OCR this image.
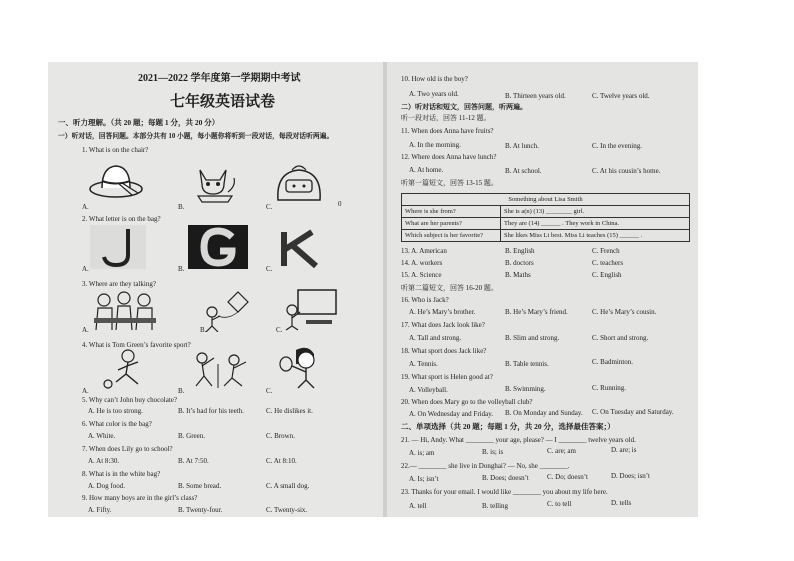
2021—2022 学年度第一学期期中考试
七年级英语试卷
一、听力理解。（共 20 题；每题 1 分，共 20 分）
一）听对话，回答问题。本部分共有 10 小题，每小题你将听到一段对话，每段对话听两遍。
1. What is on the chair?
A.	B.	C.	0
2. What letter is on the bag?
A.	B.	C.
3. Where are they talking?
A.	B.	C.
4. What is Tom Green’s favorite sport?
A.	B.	C.
5. Why can’t John buy chocolate?
A. He is too strong.	B. It’s bad for his teeth.	C. He dislikes it.
6. What color is the bag?
A. White.	B. Green.	C. Brown.
7. When does Lily go to school?
A. At 8:30.	B. At 7:50.	C. At 8:10.
8. What is in the white bag?
A. Dog food.	B. Some bread.	C. A small dog.
9. How many boys are in the girl’s class?
A. Fifty.	B. Twenty-four.	C. Twenty-six.
10. How old is the boy?
A. Two years old.	B. Thirteen years old.	C. Twelve years old.
二）听对话和短文，回答问题，听两遍。
听一段对话，回答 11-12 题。
11. When does Anna have fruits?
A. In the morning.	B. At lunch.	C. In the evening.
12. Where does Anna have lunch?
A. At home.	B. At school.	C. At his cousin’s home.
听第一篇短文，回答 13-15 题。
Something about Lisa Smith	
Where is she from?	She is a(n) (13) ________ girl.
What are her parents?	They are (14) ______ . They work in China.
Which subject is her favorite?	She likes Miss Li best. Miss Li teaches (15) ______ .
13. A. American	B. English	C. French
14. A. workers	B. doctors	C. teachers
15. A. Science	B. Maths	C. English
听第二篇短文，回答 16-20 题。
16. Who is Jack?
A. He’s Mary’s brother.	B. He’s Mary’s friend.	C. He’s Mary’s cousin.
17. What does Jack look like?
A. Tall and strong.	B. Slim and strong.	C. Short and strong.
18. What sport does Jack like?
A. Tennis.	B. Table tennis.	C. Badminton.
19. What sport is Helen good at?
A. Volleyball.	B. Swimming.	C. Running.
20. When does Mary go to the volleyball club?
A. On Wednesday and Friday. B. On Monday and Sunday. C. On Tuesday and Saturday.
二、单项选择（共 20 题；每题 1 分，共 20 分，选择最佳答案；）
21. — Hi, Andy. What ________ your age, please? — I ________ twelve years old.
A. is; am	B. is; is	C. are; am	D. are; is
22.— ________ she live in Donghai? — No, she ________.
A. Is; isn’t	B. Does; doesn’t	C. Do; doesn’t	D. Does; isn’t
23. Thanks for your email. I would like ________ you about my life here.
A. tell	B. telling	C. to tell	D. tells
